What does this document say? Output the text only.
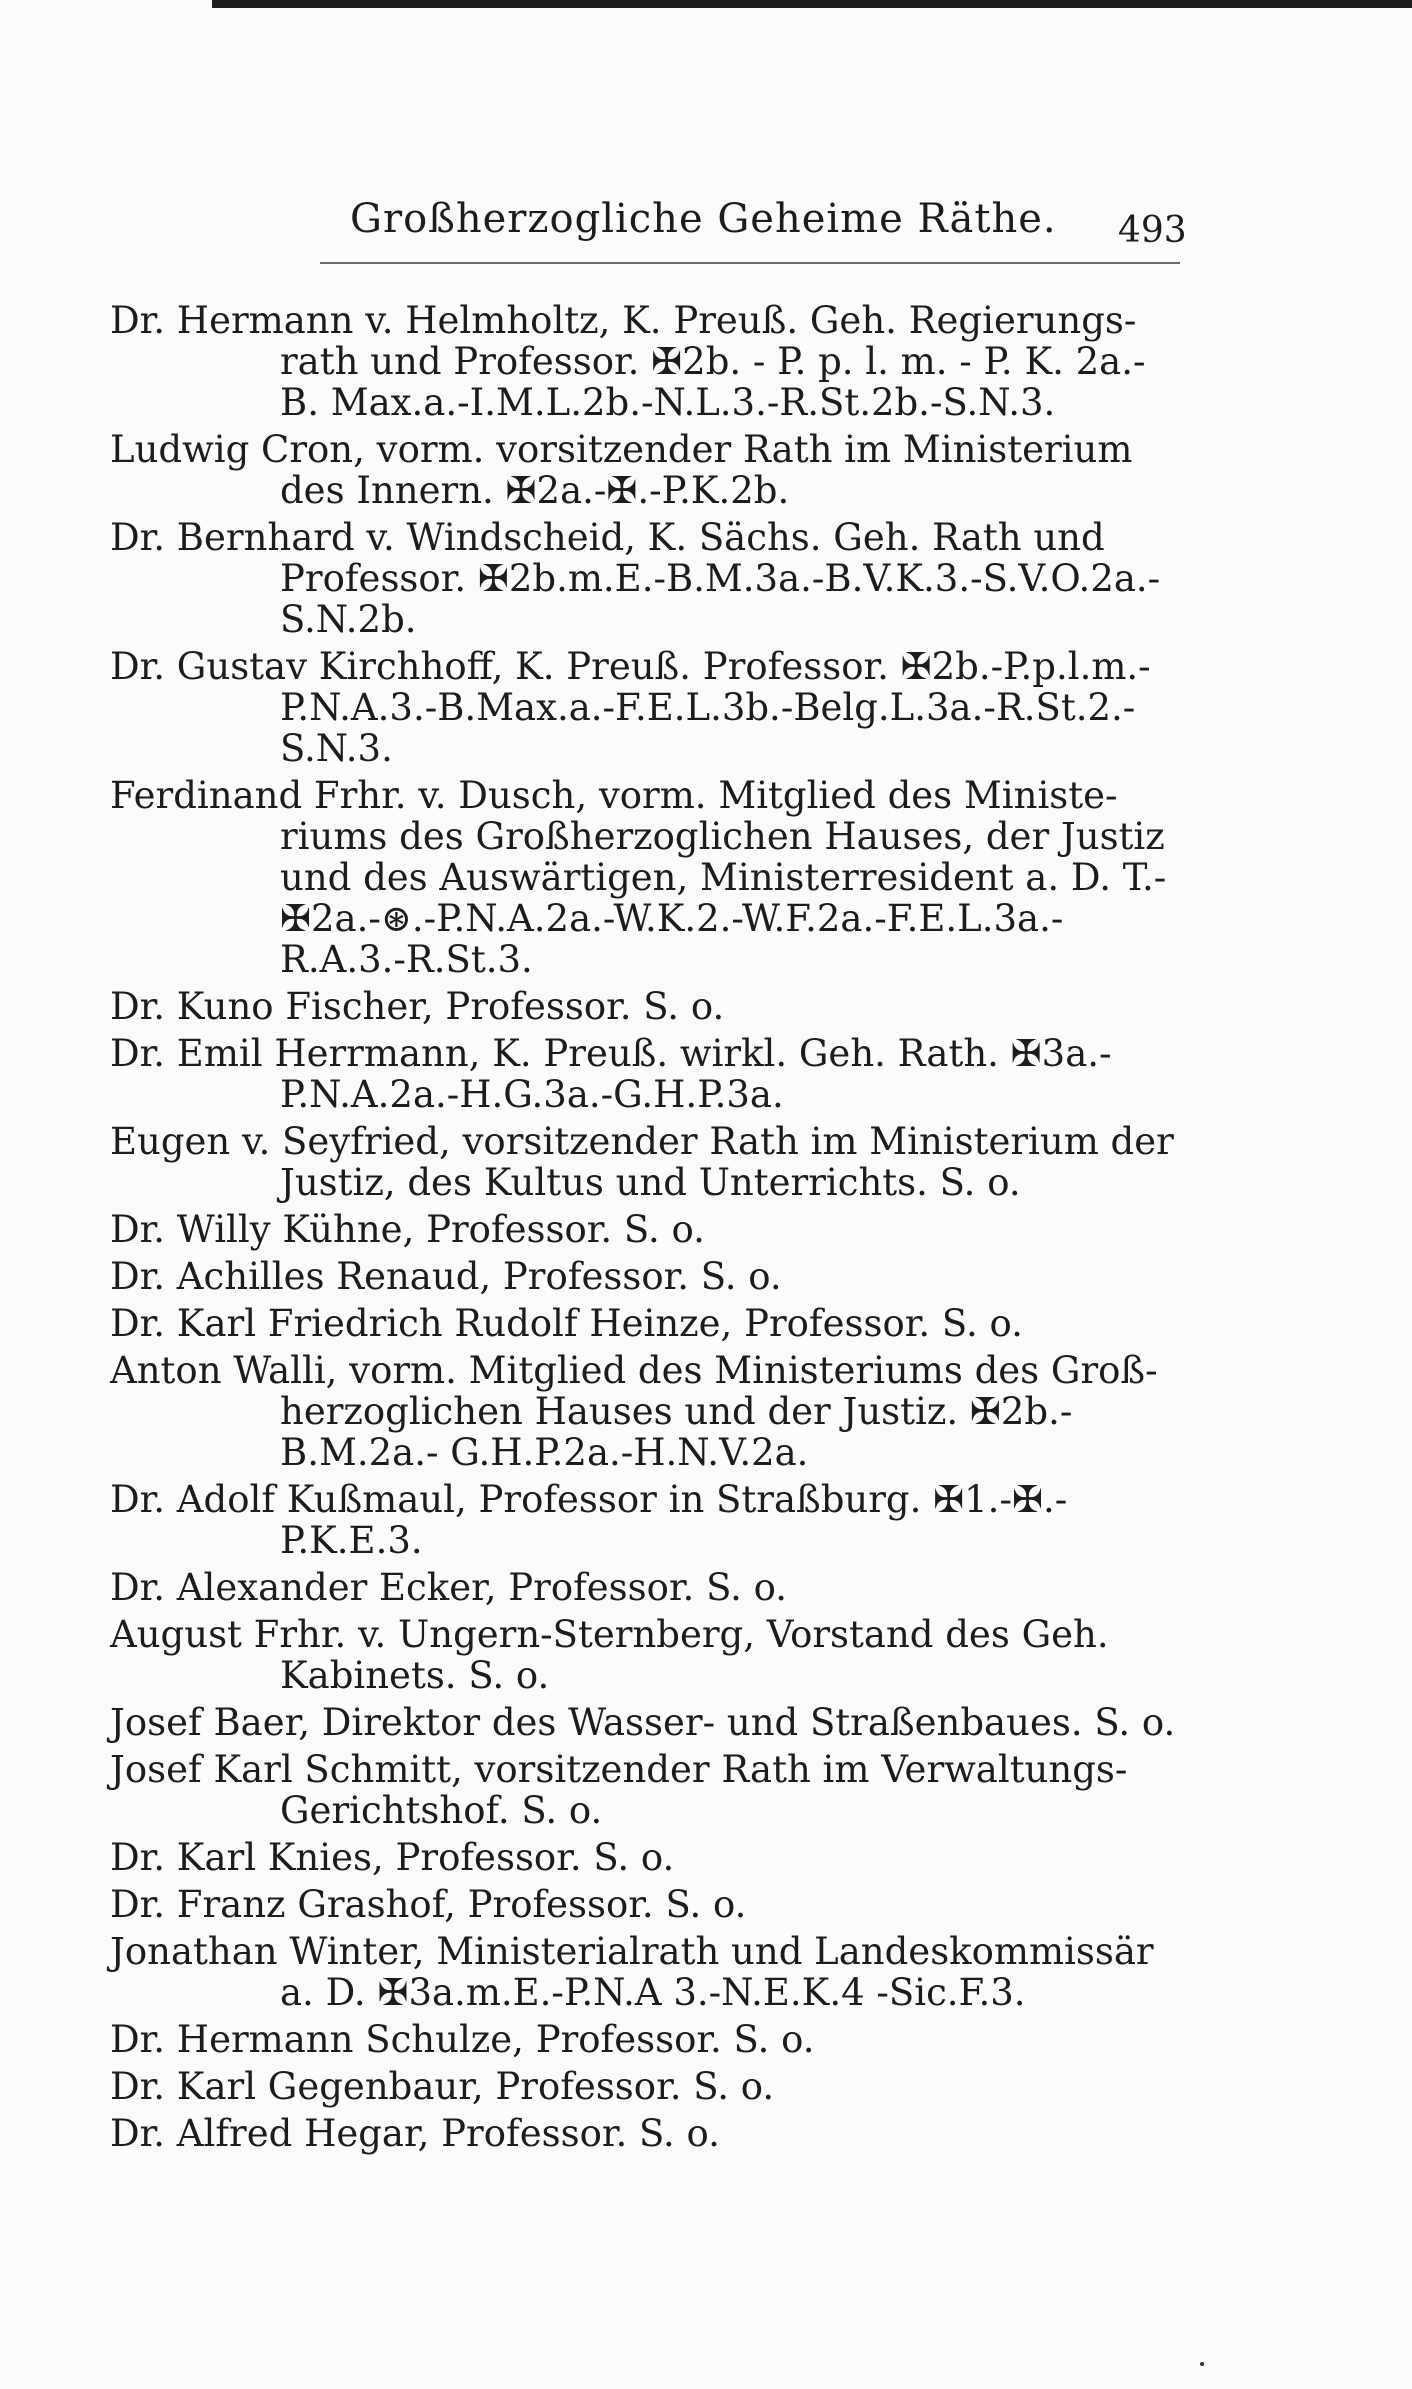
Großherzogliche Geheime Räthe. 493
Dr. Hermann v. Helmholtz, K. Preuß. Geh. Regierungs-rath und Professor. ✠2b. - P. p. l. m. - P. K. 2a.- B. Max.a.-I.M.L.2b.-N.L.3.-R.St.2b.-S.N.3.
Ludwig Cron, vorm. vorsitzender Rath im Ministerium des Innern. ✠2a.-✠.-P.K.2b.
Dr. Bernhard v. Windscheid, K. Sächs. Geh. Rath und Professor. ✠2b.m.E.-B.M.3a.-B.V.K.3.-S.V.O.2a.- S.N.2b.
Dr. Gustav Kirchhoff, K. Preuß. Professor. ✠2b.-P.p.l.m.- P.N.A.3.-B.Max.a.-F.E.L.3b.-Belg.L.3a.-R.St.2.- S.N.3.
Ferdinand Frhr. v. Dusch, vorm. Mitglied des Ministe-riums des Großherzoglichen Hauses, der Justiz und des Auswärtigen, Ministerresident a. D. T.- ✠2a.-⊛.-P.N.A.2a.-W.K.2.-W.F.2a.-F.E.L.3a.- R.A.3.-R.St.3.
Dr. Kuno Fischer, Professor. S. o.
Dr. Emil Herrmann, K. Preuß. wirkl. Geh. Rath. ✠3a.- P.N.A.2a.-H.G.3a.-G.H.P.3a.
Eugen v. Seyfried, vorsitzender Rath im Ministerium der Justiz, des Kultus und Unterrichts. S. o.
Dr. Willy Kühne, Professor. S. o.
Dr. Achilles Renaud, Professor. S. o.
Dr. Karl Friedrich Rudolf Heinze, Professor. S. o.
Anton Walli, vorm. Mitglied des Ministeriums des Groß-herzoglichen Hauses und der Justiz. ✠2b.-B.M.2a.- G.H.P.2a.-H.N.V.2a.
Dr. Adolf Kußmaul, Professor in Straßburg. ✠1.-✠.- P.K.E.3.
Dr. Alexander Ecker, Professor. S. o.
August Frhr. v. Ungern-Sternberg, Vorstand des Geh. Kabinets. S. o.
Josef Baer, Direktor des Wasser- und Straßenbaues. S. o.
Josef Karl Schmitt, vorsitzender Rath im Verwaltungs-Gerichtshof. S. o.
Dr. Karl Knies, Professor. S. o.
Dr. Franz Grashof, Professor. S. o.
Jonathan Winter, Ministerialrath und Landeskommissär a. D. ✠3a.m.E.-P.N.A 3.-N.E.K.4 -Sic.F.3.
Dr. Hermann Schulze, Professor. S. o.
Dr. Karl Gegenbaur, Professor. S. o.
Dr. Alfred Hegar, Professor. S. o.
